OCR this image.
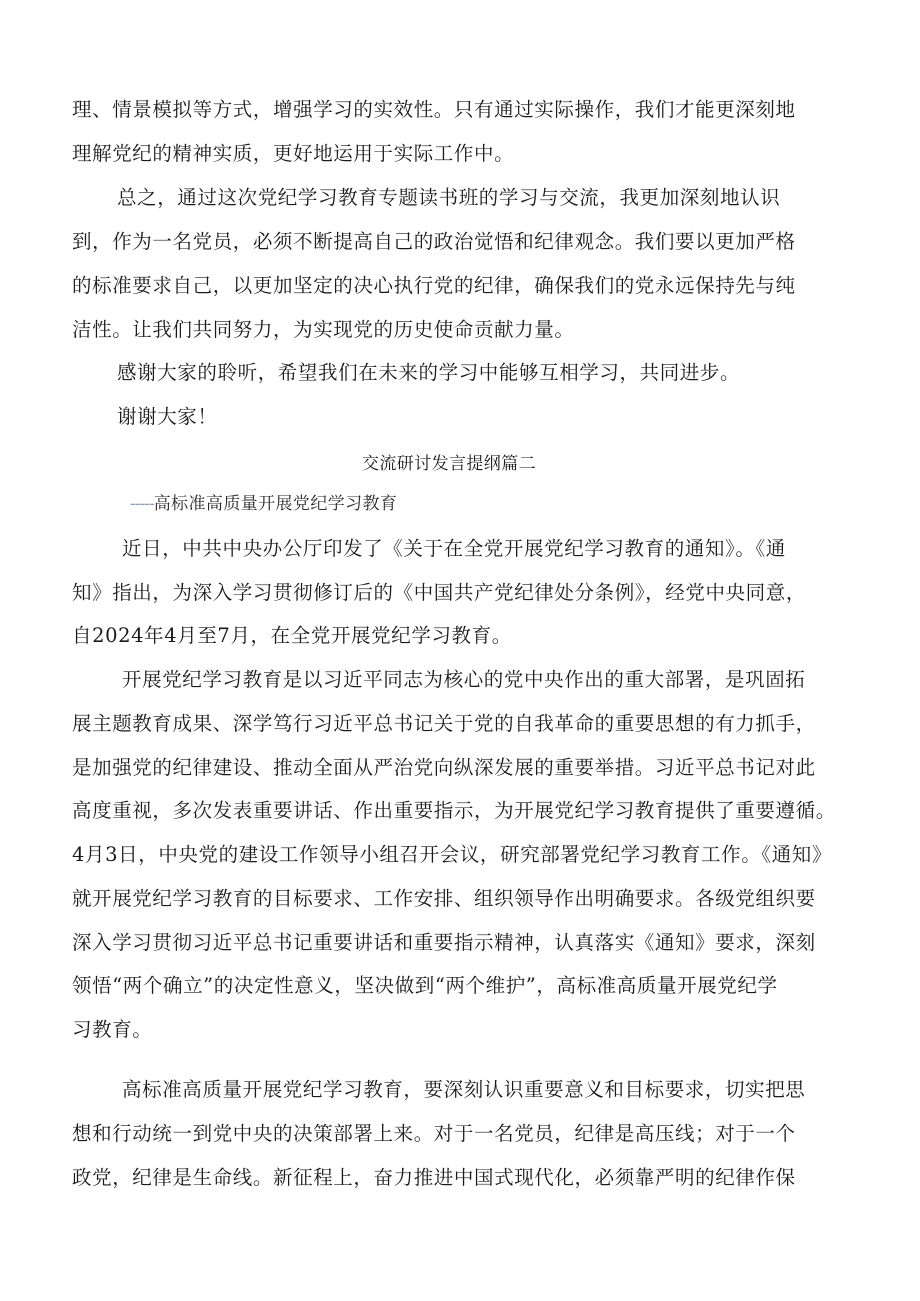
理、情景模拟等方式，增强学习的实效性。只有通过实际操作，我们才能更深刻地
理解党纪的精神实质，更好地运用于实际工作中。
总之，通过这次党纪学习教育专题读书班的学习与交流，我更加深刻地认识
到，作为一名党员，必须不断提高自己的政治觉悟和纪律观念。我们要以更加严格
的标准要求自己，以更加坚定的决心执行党的纪律，确保我们的党永远保持先与纯
洁性。让我们共同努力，为实现党的历史使命贡献力量。
感谢大家的聆听，希望我们在未来的学习中能够互相学习，共同进步。
谢谢大家！
交流研讨发言提纲篇二
-----高标准高质量开展党纪学习教育
近日，中共中央办公厅印发了《关于在全党开展党纪学习教育的通知》。《通
知》指出，为深入学习贯彻修订后的《中国共产党纪律处分条例》，经党中央同意，
自2024年4月至7月，在全党开展党纪学习教育。
开展党纪学习教育是以习近平同志为核心的党中央作出的重大部署，是巩固拓
展主题教育成果、深学笃行习近平总书记关于党的自我革命的重要思想的有力抓手，
是加强党的纪律建设、推动全面从严治党向纵深发展的重要举措。习近平总书记对此
高度重视，多次发表重要讲话、作出重要指示，为开展党纪学习教育提供了重要遵循。
4月3日，中央党的建设工作领导小组召开会议，研究部署党纪学习教育工作。《通知》
就开展党纪学习教育的目标要求、工作安排、组织领导作出明确要求。各级党组织要
深入学习贯彻习近平总书记重要讲话和重要指示精神，认真落实《通知》要求，深刻
领悟“两个确立”的决定性意义，坚决做到“两个维护”，高标准高质量开展党纪学
习教育。
高标准高质量开展党纪学习教育，要深刻认识重要意义和目标要求，切实把思
想和行动统一到党中央的决策部署上来。对于一名党员，纪律是高压线；对于一个
政党，纪律是生命线。新征程上，奋力推进中国式现代化，必须靠严明的纪律作保
